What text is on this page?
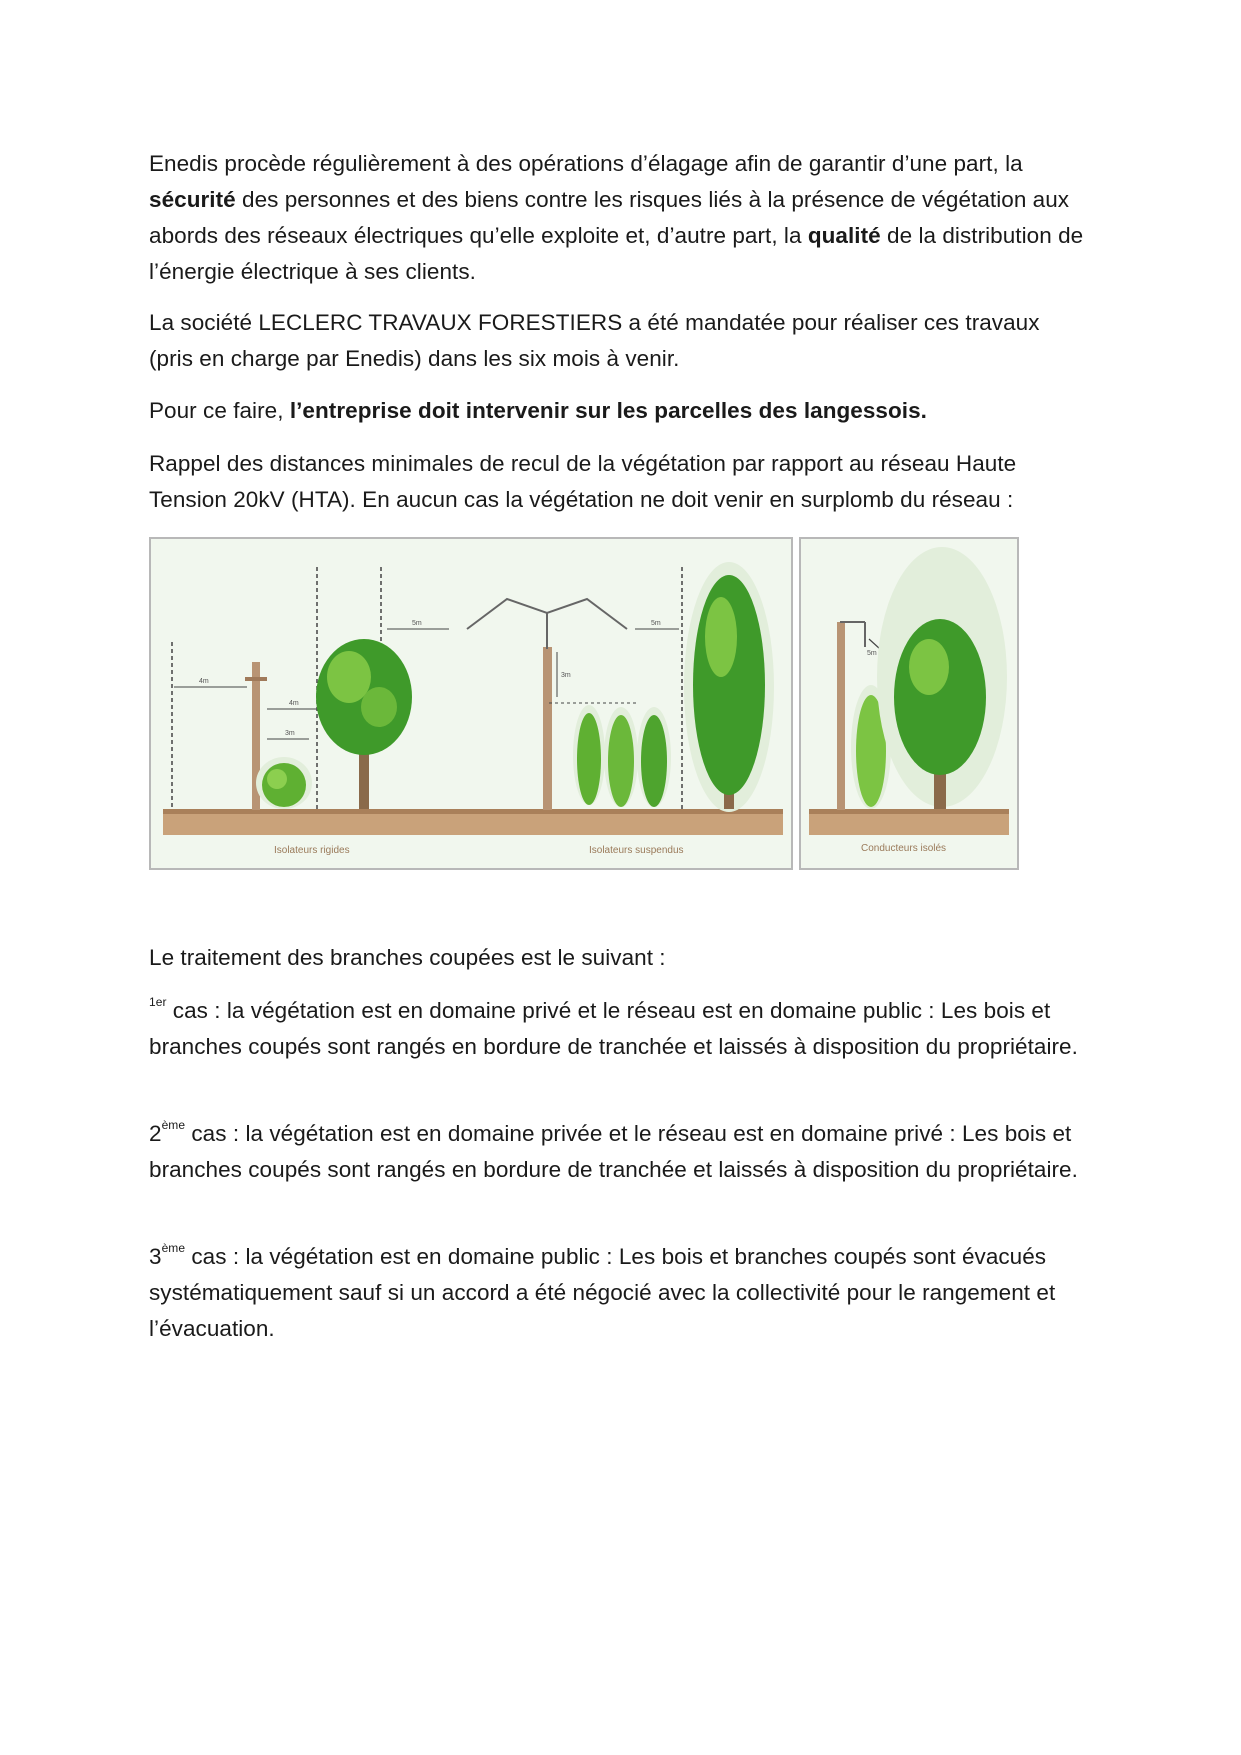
Enedis procède régulièrement à des opérations d’élagage afin de garantir d’une part, la sécurité des personnes et des biens contre les risques liés à la présence de végétation aux abords des réseaux électriques qu’elle exploite et, d’autre part, la qualité de la distribution de l’énergie électrique à ses clients.

La société LECLERC TRAVAUX FORESTIERS a été mandatée pour réaliser ces travaux (pris en charge par Enedis) dans les six mois à venir.

Pour ce faire, l’entreprise doit intervenir sur les parcelles des langessois.

Rappel des distances minimales de recul de la végétation par rapport au réseau Haute Tension 20kV (HTA). En aucun cas la végétation ne doit venir en surplomb du réseau :

Isolateurs rigides	Isolateurs suspendus	Conducteurs isolés
4m
4m
3m
5m
3m
5m
5m

Le traitement des branches coupées est le suivant :

$^{1er}$ cas : la végétation est en domaine privé et le réseau est en domaine public : Les bois et branches coupés sont rangés en bordure de tranchée et laissés à disposition du propriétaire.

2ème cas : la végétation est en domaine privée et le réseau est en domaine privé : Les bois et branches coupés sont rangés en bordure de tranchée et laissés à disposition du propriétaire.

3ème cas : la végétation est en domaine public : Les bois et branches coupés sont évacués systématiquement sauf si un accord a été négocié avec la collectivité pour le rangement et l’évacuation.
